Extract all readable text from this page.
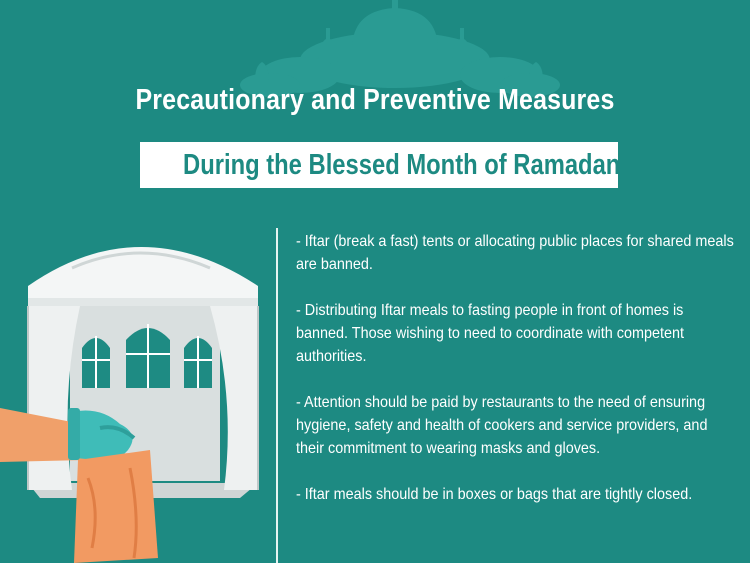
Precautionary and Preventive Measures
During the Blessed Month of Ramadan
- Iftar (break a fast) tents or allocating public places for shared meals are banned.
- Distributing Iftar meals to fasting people in front of homes is banned. Those wishing to need to coordinate with competent authorities.
- Attention should be paid by restaurants to the need of ensuring hygiene, safety and health of cookers and service providers, and their commitment to wearing masks and gloves.
- Iftar meals should be in boxes or bags that are tightly closed.
